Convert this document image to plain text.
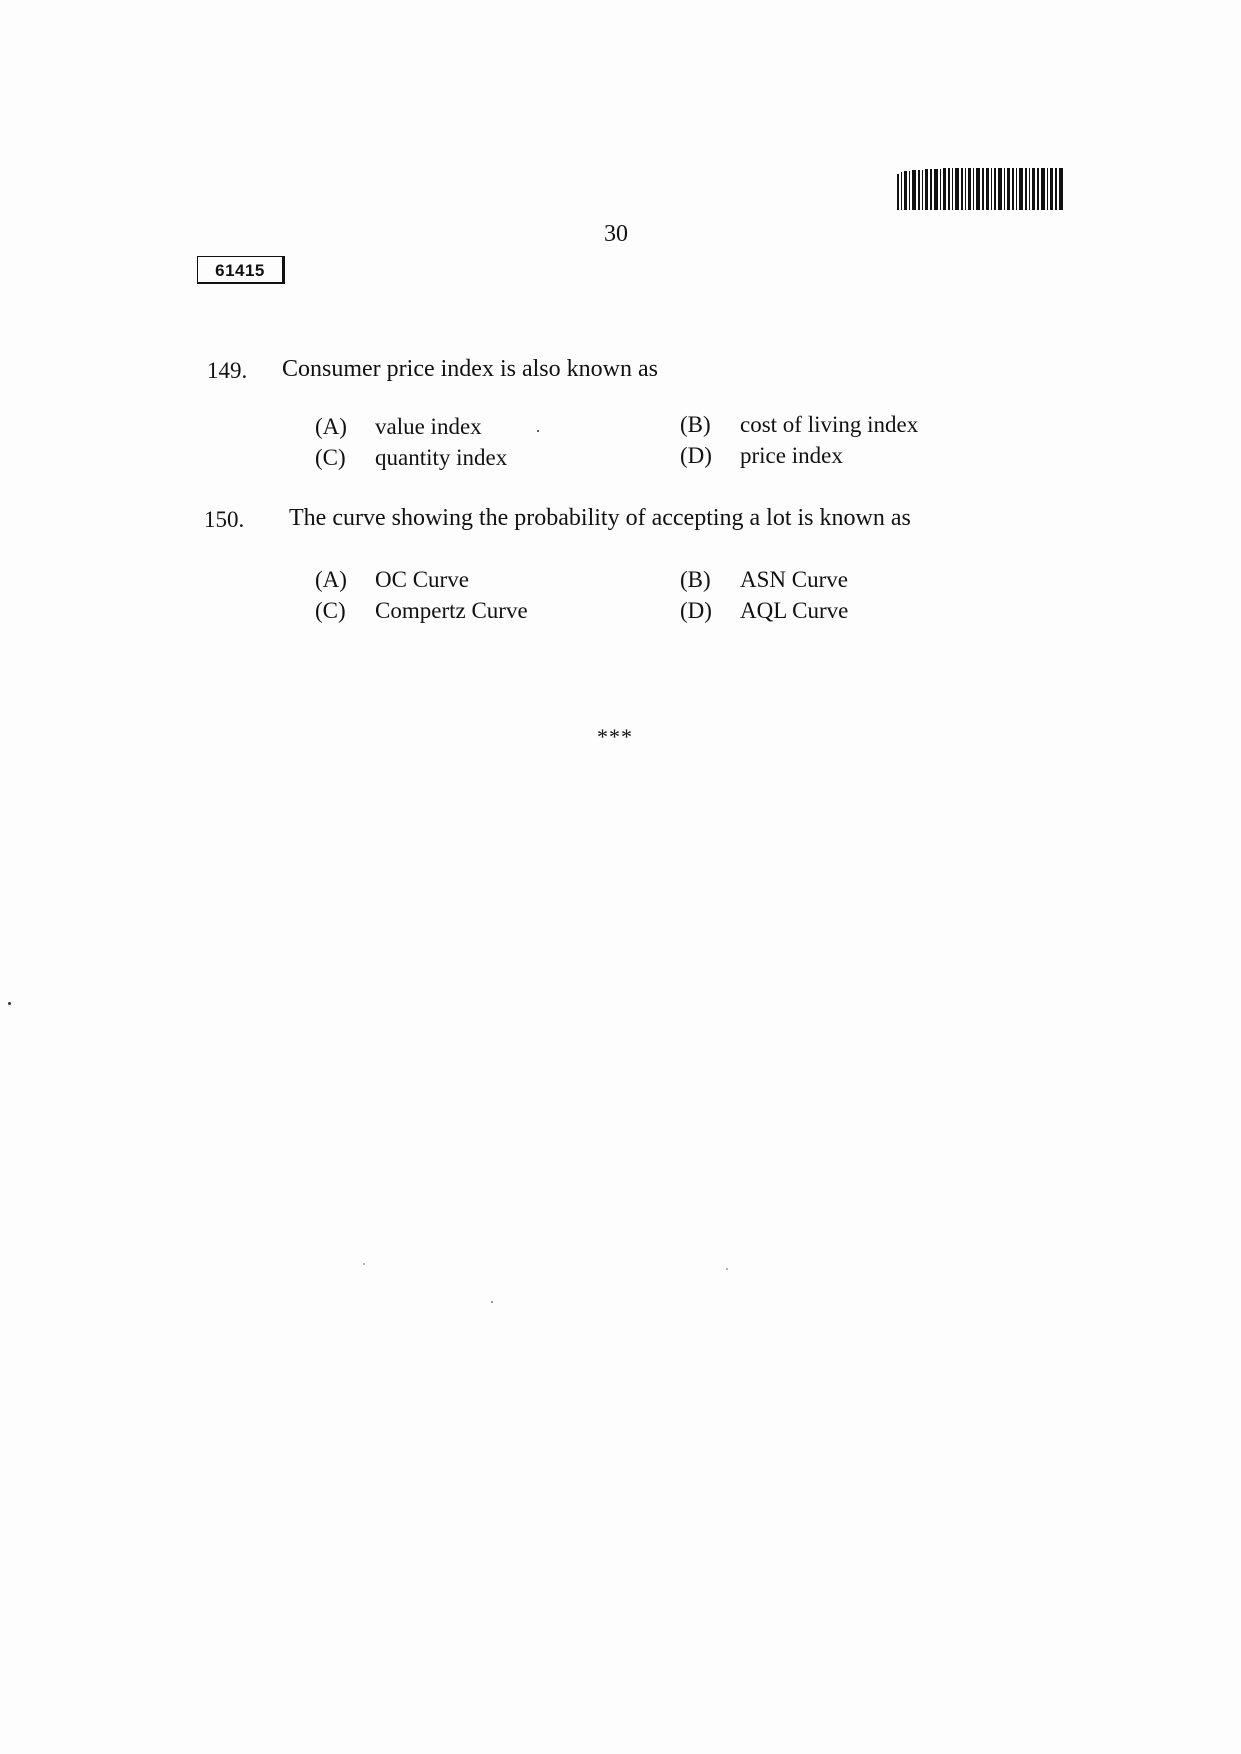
30
61415
149. Consumer price index is also known as
(A) value index	(B) cost of living index
(C) quantity index	(D) price index
150. The curve showing the probability of accepting a lot is known as
(A) OC Curve	(B) ASN Curve
(C) Compertz Curve	(D) AQL Curve
***
